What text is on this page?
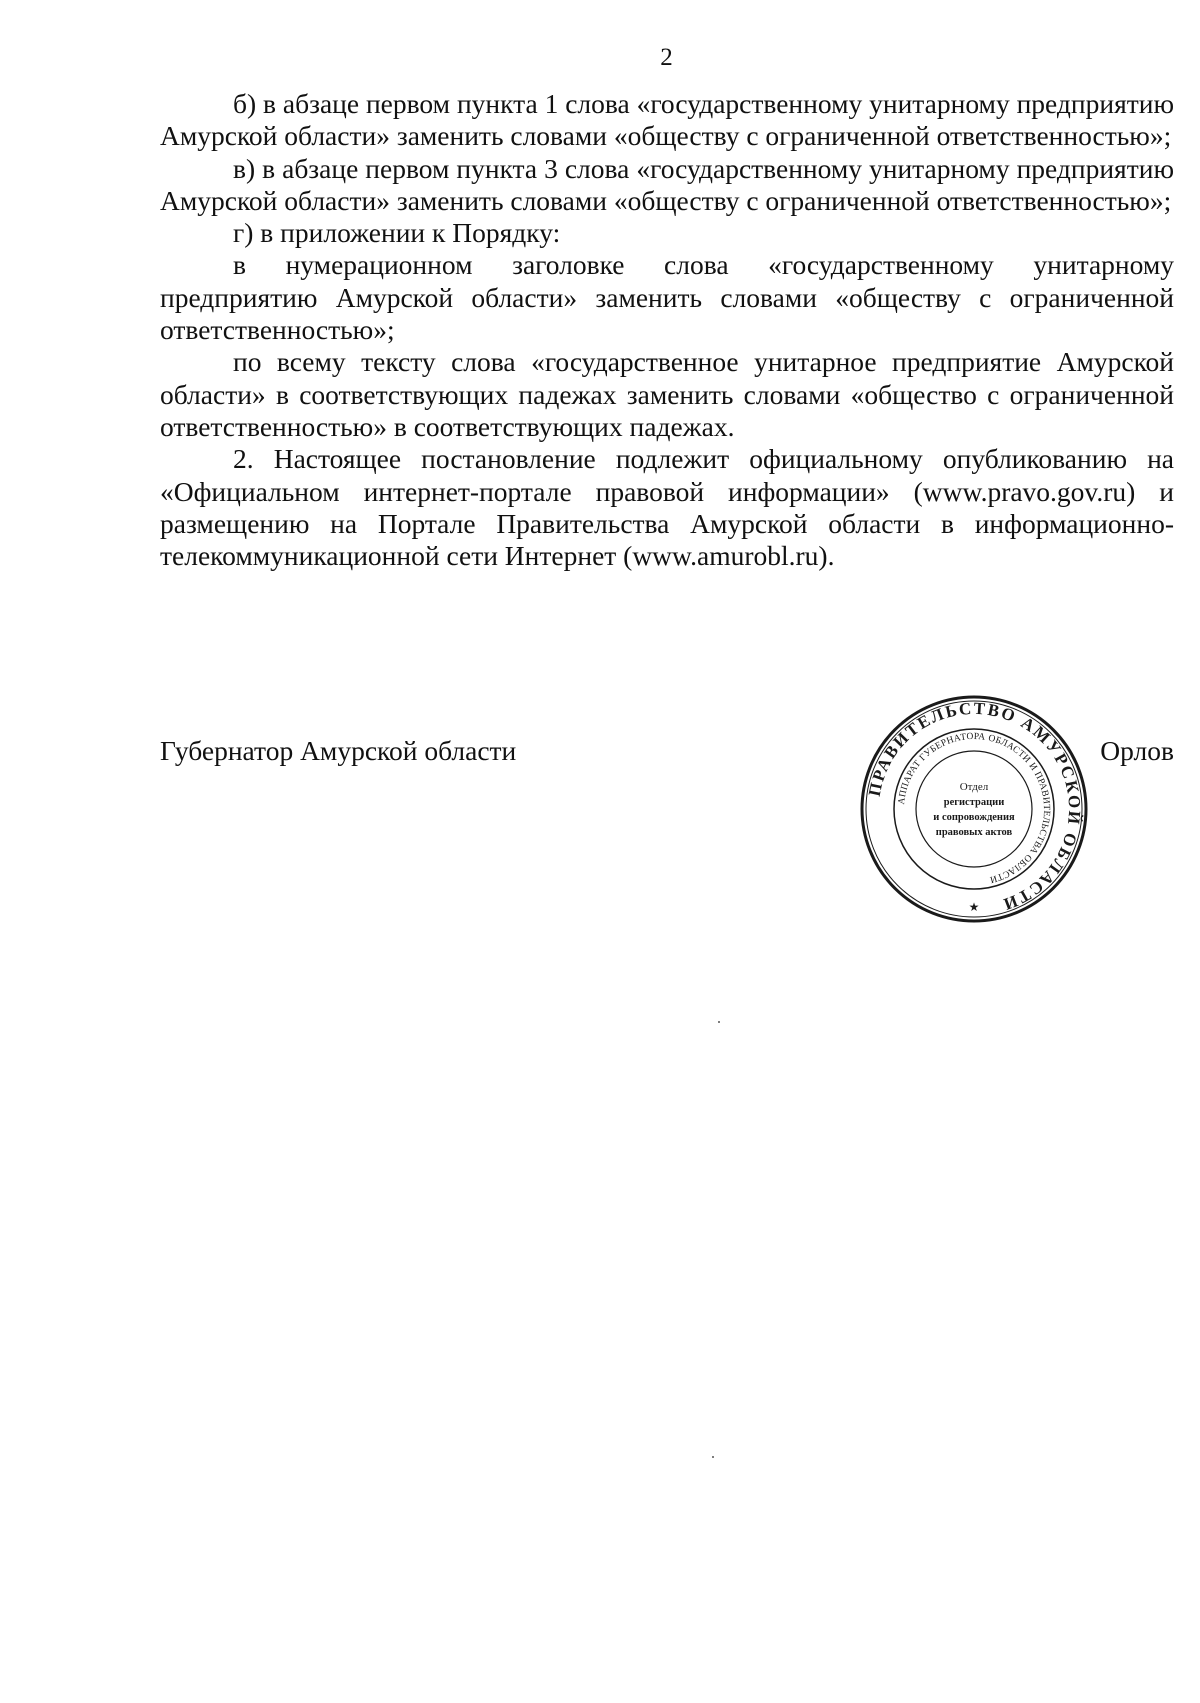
2

б) в абзаце первом пункта 1 слова «государственному унитарному предприятию Амурской области» заменить словами «обществу с ограниченной ответственностью»;

в) в абзаце первом пункта 3 слова «государственному унитарному предприятию Амурской области» заменить словами «обществу с ограниченной ответственностью»;

г) в приложении к Порядку:

в нумерационном заголовке слова «государственному унитарному предприятию Амурской области» заменить словами «обществу с ограниченной ответственностью»;

по всему тексту слова «государственное унитарное предприятие Амурской области» в соответствующих падежах заменить словами «общество с ограниченной ответственностью» в соответствующих падежах.

2. Настоящее постановление подлежит официальному опубликованию на «Официальном интернет-портале правовой информации» (www.pravo.gov.ru) и размещению на Портале Правительства Амурской области в информационно-телекоммуникационной сети Интернет (www.amurobl.ru).

Губернатор Амурской области	Орлов
ПРАВИТЕЛЬСТВО АМУРСКОЙ ОБЛАСТИ
АППАРАТ ГУБЕРНАТОРА ОБЛАСТИ И ПРАВИТЕЛЬСТВА ОБЛАСТИ
Отдел
регистрации
и сопровождения
правовых актов
★
